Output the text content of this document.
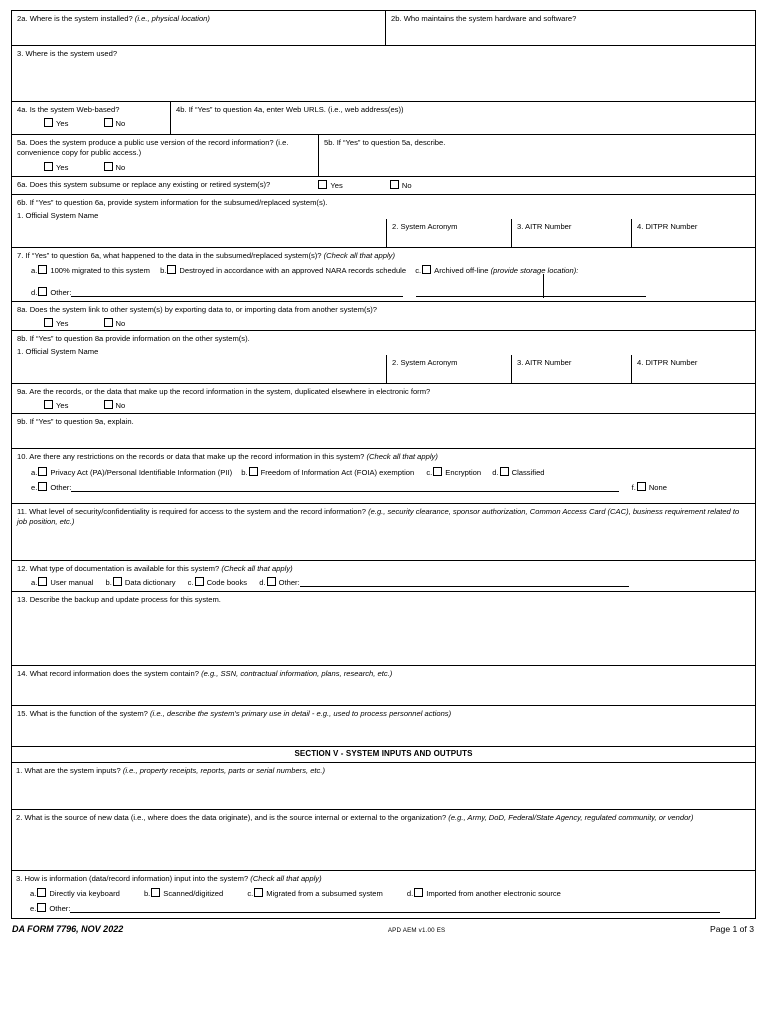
2a. Where is the system installed? (i.e., physical location)	2b. Who maintains the system hardware and software?
3. Where is the system used?
4a. Is the system Web-based?
Yes	No
4b. If “Yes” to question 4a, enter Web URLS. (i.e., web address(es))
5a. Does the system produce a public use version of the record information? (i.e. convenience copy for public access.)
Yes	No
5b. If “Yes” to question 5a, describe.
6a. Does this system subsume or replace any existing or retired system(s)?	Yes	No
6b. If “Yes” to question 6a, provide system information for the subsumed/replaced system(s).
1. Official System Name
2. System Acronym	3. AITR Number	4. DITPR Number
7. If “Yes” to question 6a, what happened to the data in the subsumed/replaced system(s)? (Check all that apply)
a. 100% migrated to this system b. Destroyed in accordance with an approved NARA records schedule c. Archived off-line (provide storage location):
d. Other:
8a. Does the system link to other system(s) by exporting data to, or importing data from another system(s)?
Yes	No
8b. If “Yes” to question 8a provide information on the other system(s).
1. Official System Name
2. System Acronym	3. AITR Number	4. DITPR Number
9a. Are the records, or the data that make up the record information in the system, duplicated elsewhere in electronic form?
Yes	No
9b. If “Yes” to question 9a, explain.
10. Are there any restrictions on the records or data that make up the record information in this system? (Check all that apply)
a. Privacy Act (PA)/Personal Identifiable Information (PII) b. Freedom of Information Act (FOIA) exemption c. Encryption d. Classified
e. Other:	f. None
11. What level of security/confidentiality is required for access to the system and the record information? (e.g., security clearance, sponsor authorization, Common Access Card (CAC), business requirement related to job position, etc.)
12. What type of documentation is available for this system? (Check all that apply)
a. User manual b. Data dictionary c. Code books d. Other:
13. Describe the backup and update process for this system.
14. What record information does the system contain? (e.g., SSN, contractual information, plans, research, etc.)
15. What is the function of the system? (i.e., describe the system's primary use in detail - e.g., used to process personnel actions)
SECTION V - SYSTEM INPUTS AND OUTPUTS
1. What are the system inputs? (i.e., property receipts, reports, parts or serial numbers, etc.)
2. What is the source of new data (i.e., where does the data originate), and is the source internal or external to the organization? (e.g., Army, DoD, Federal/State Agency, regulated community, or vendor)
3. How is information (data/record information) input into the system? (Check all that apply)
a. Directly via keyboard	b. Scanned/digitized	c. Migrated from a subsumed system	d. Imported from another electronic source
e. Other:
DA FORM 7796, NOV 2022	APD AEM v1.00 ES	Page 1 of 3
